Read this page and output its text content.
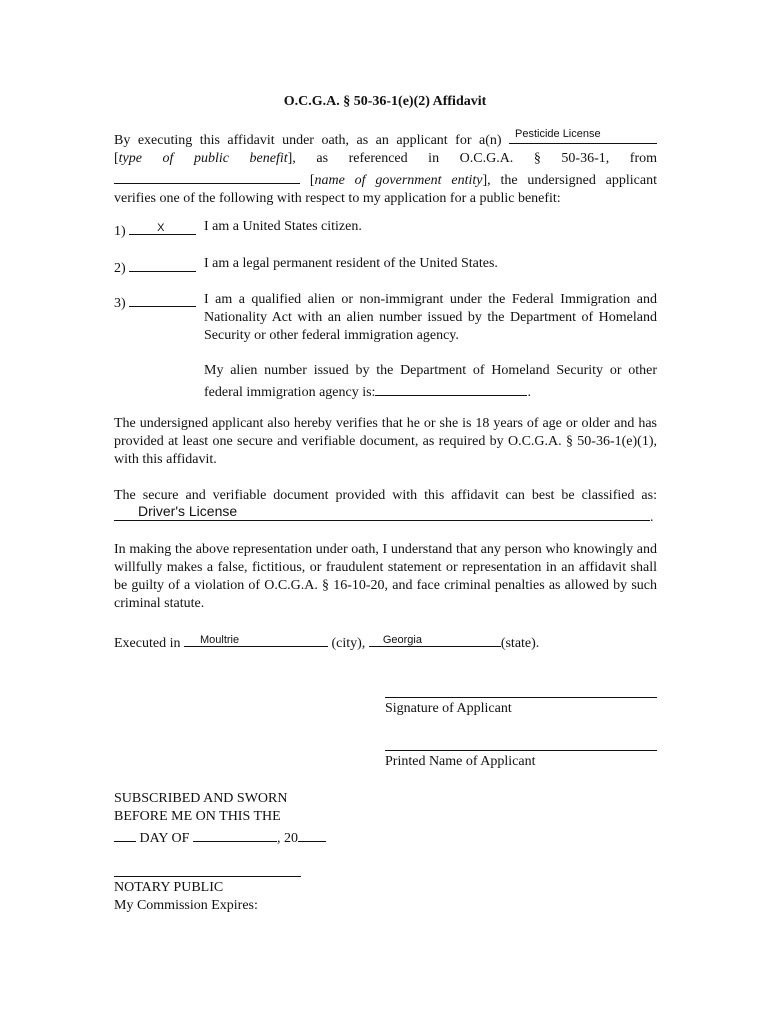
O.C.G.A. § 50-36-1(e)(2) Affidavit
By executing this affidavit under oath, as an applicant for a(n) Pesticide License
[type of public benefit], as referenced in O.C.G.A. § 50-36-1, from
[name of government entity], the undersigned applicant verifies one of the following with respect to my application for a public benefit:
1)	X	I am a United States citizen.
2)	I am a legal permanent resident of the United States.
3)	I am a qualified alien or non-immigrant under the Federal Immigration and Nationality Act with an alien number issued by the Department of Homeland Security or other federal immigration agency.
My alien number issued by the Department of Homeland Security or other federal immigration agency is:	.
The undersigned applicant also hereby verifies that he or she is 18 years of age or older and has provided at least one secure and verifiable document, as required by O.C.G.A. § 50-36-1(e)(1), with this affidavit.
The secure and verifiable document provided with this affidavit can best be classified as:
Driver's License	.
In making the above representation under oath, I understand that any person who knowingly and willfully makes a false, fictitious, or fraudulent statement or representation in an affidavit shall be guilty of a violation of O.C.G.A. § 16-10-20, and face criminal penalties as allowed by such criminal statute.
Executed in Moultrie	(city), Georgia	(state).
Signature of Applicant
Printed Name of Applicant
SUBSCRIBED AND SWORN
BEFORE ME ON THIS THE
DAY OF	, 20
NOTARY PUBLIC
My Commission Expires:
